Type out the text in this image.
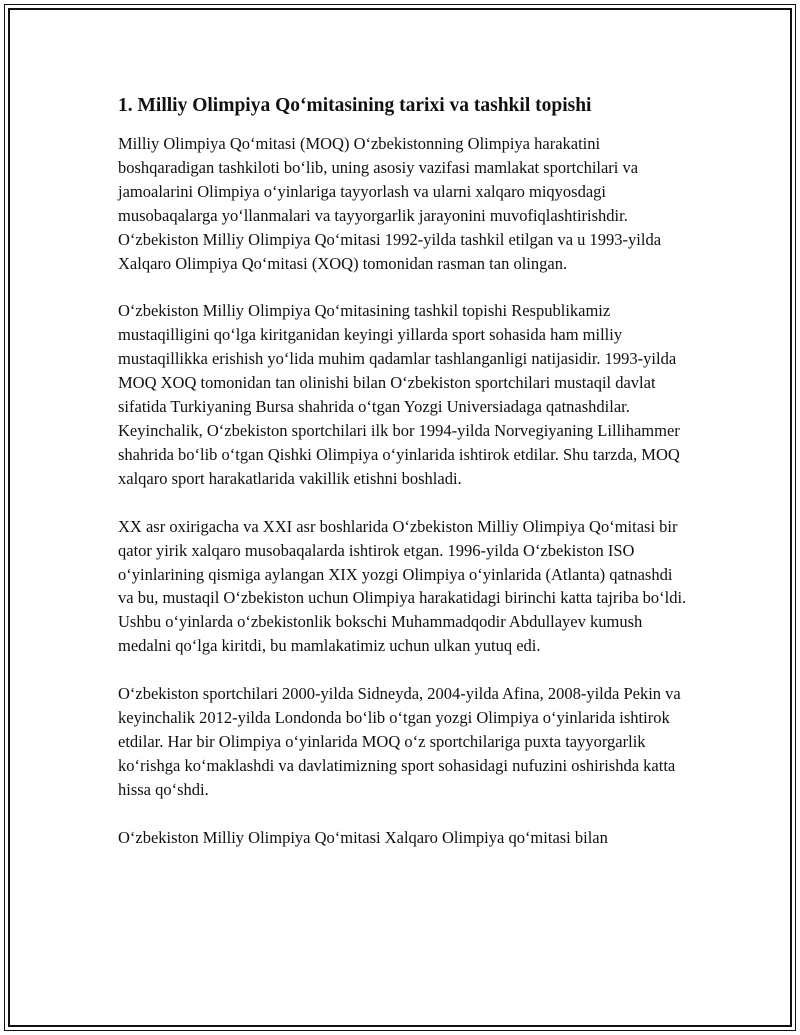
1. Milliy Olimpiya Qoʻmitasining tarixi va tashkil topishi

Milliy Olimpiya Qoʻmitasi (MOQ) Oʻzbekistonning Olimpiya harakatini boshqaradigan tashkiloti boʻlib, uning asosiy vazifasi mamlakat sportchilari va jamoalarini Olimpiya oʻyinlariga tayyorlash va ularni xalqaro miqyosdagi musobaqalarga yoʻllanmalari va tayyorgarlik jarayonini muvofiqlashtirishdir. Oʻzbekiston Milliy Olimpiya Qoʻmitasi 1992-yilda tashkil etilgan va u 1993-yilda Xalqaro Olimpiya Qoʻmitasi (XOQ) tomonidan rasman tan olingan.

Oʻzbekiston Milliy Olimpiya Qoʻmitasining tashkil topishi Respublikamiz mustaqilligini qoʻlga kiritganidan keyingi yillarda sport sohasida ham milliy mustaqillikka erishish yoʻlida muhim qadamlar tashlanganligi natijasidir. 1993-yilda MOQ XOQ tomonidan tan olinishi bilan Oʻzbekiston sportchilari mustaqil davlat sifatida Turkiyaning Bursa shahrida oʻtgan Yozgi Universiadaga qatnashdilar. Keyinchalik, Oʻzbekiston sportchilari ilk bor 1994-yilda Norvegiyaning Lillihammer shahrida boʻlib oʻtgan Qishki Olimpiya oʻyinlarida ishtirok etdilar. Shu tarzda, MOQ xalqaro sport harakatlarida vakillik etishni boshladi.

XX asr oxirigacha va XXI asr boshlarida Oʻzbekiston Milliy Olimpiya Qoʻmitasi bir qator yirik xalqaro musobaqalarda ishtirok etgan. 1996-yilda Oʻzbekiston ISO oʻyinlarining qismiga aylangan XIX yozgi Olimpiya oʻyinlarida (Atlanta) qatnashdi va bu, mustaqil Oʻzbekiston uchun Olimpiya harakatidagi birinchi katta tajriba boʻldi. Ushbu oʻyinlarda oʻzbekistonlik bokschi Muhammadqodir Abdullayev kumush medalni qoʻlga kiritdi, bu mamlakatimiz uchun ulkan yutuq edi.

Oʻzbekiston sportchilari 2000-yilda Sidneyda, 2004-yilda Afina, 2008-yilda Pekin va keyinchalik 2012-yilda Londonda boʻlib oʻtgan yozgi Olimpiya oʻyinlarida ishtirok etdilar. Har bir Olimpiya oʻyinlarida MOQ oʻz sportchilariga puxta tayyorgarlik koʻrishga koʻmaklashdi va davlatimizning sport sohasidagi nufuzini oshirishda katta hissa qoʻshdi.

Oʻzbekiston Milliy Olimpiya Qoʻmitasi Xalqaro Olimpiya qoʻmitasi bilan
